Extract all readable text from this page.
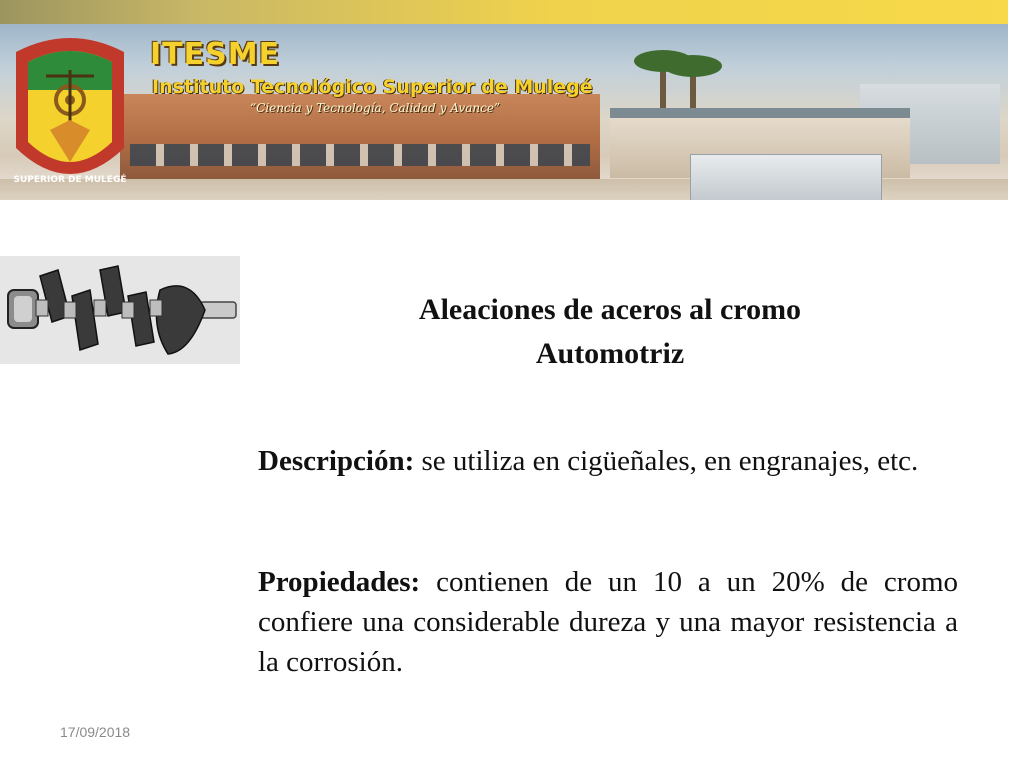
SUPERIOR DE MULEGÉ
ITESME
Instituto Tecnológico Superior de Mulegé
“Ciencia y Tecnología, Calidad y Avance”
Aleaciones de aceros al cromo
Automotriz
Descripción: se utiliza en cigüeñales, en engranajes, etc.
Propiedades: contienen de un 10 a un 20% de cromo confiere una considerable dureza y una mayor resistencia a la corrosión.
17/09/2018
